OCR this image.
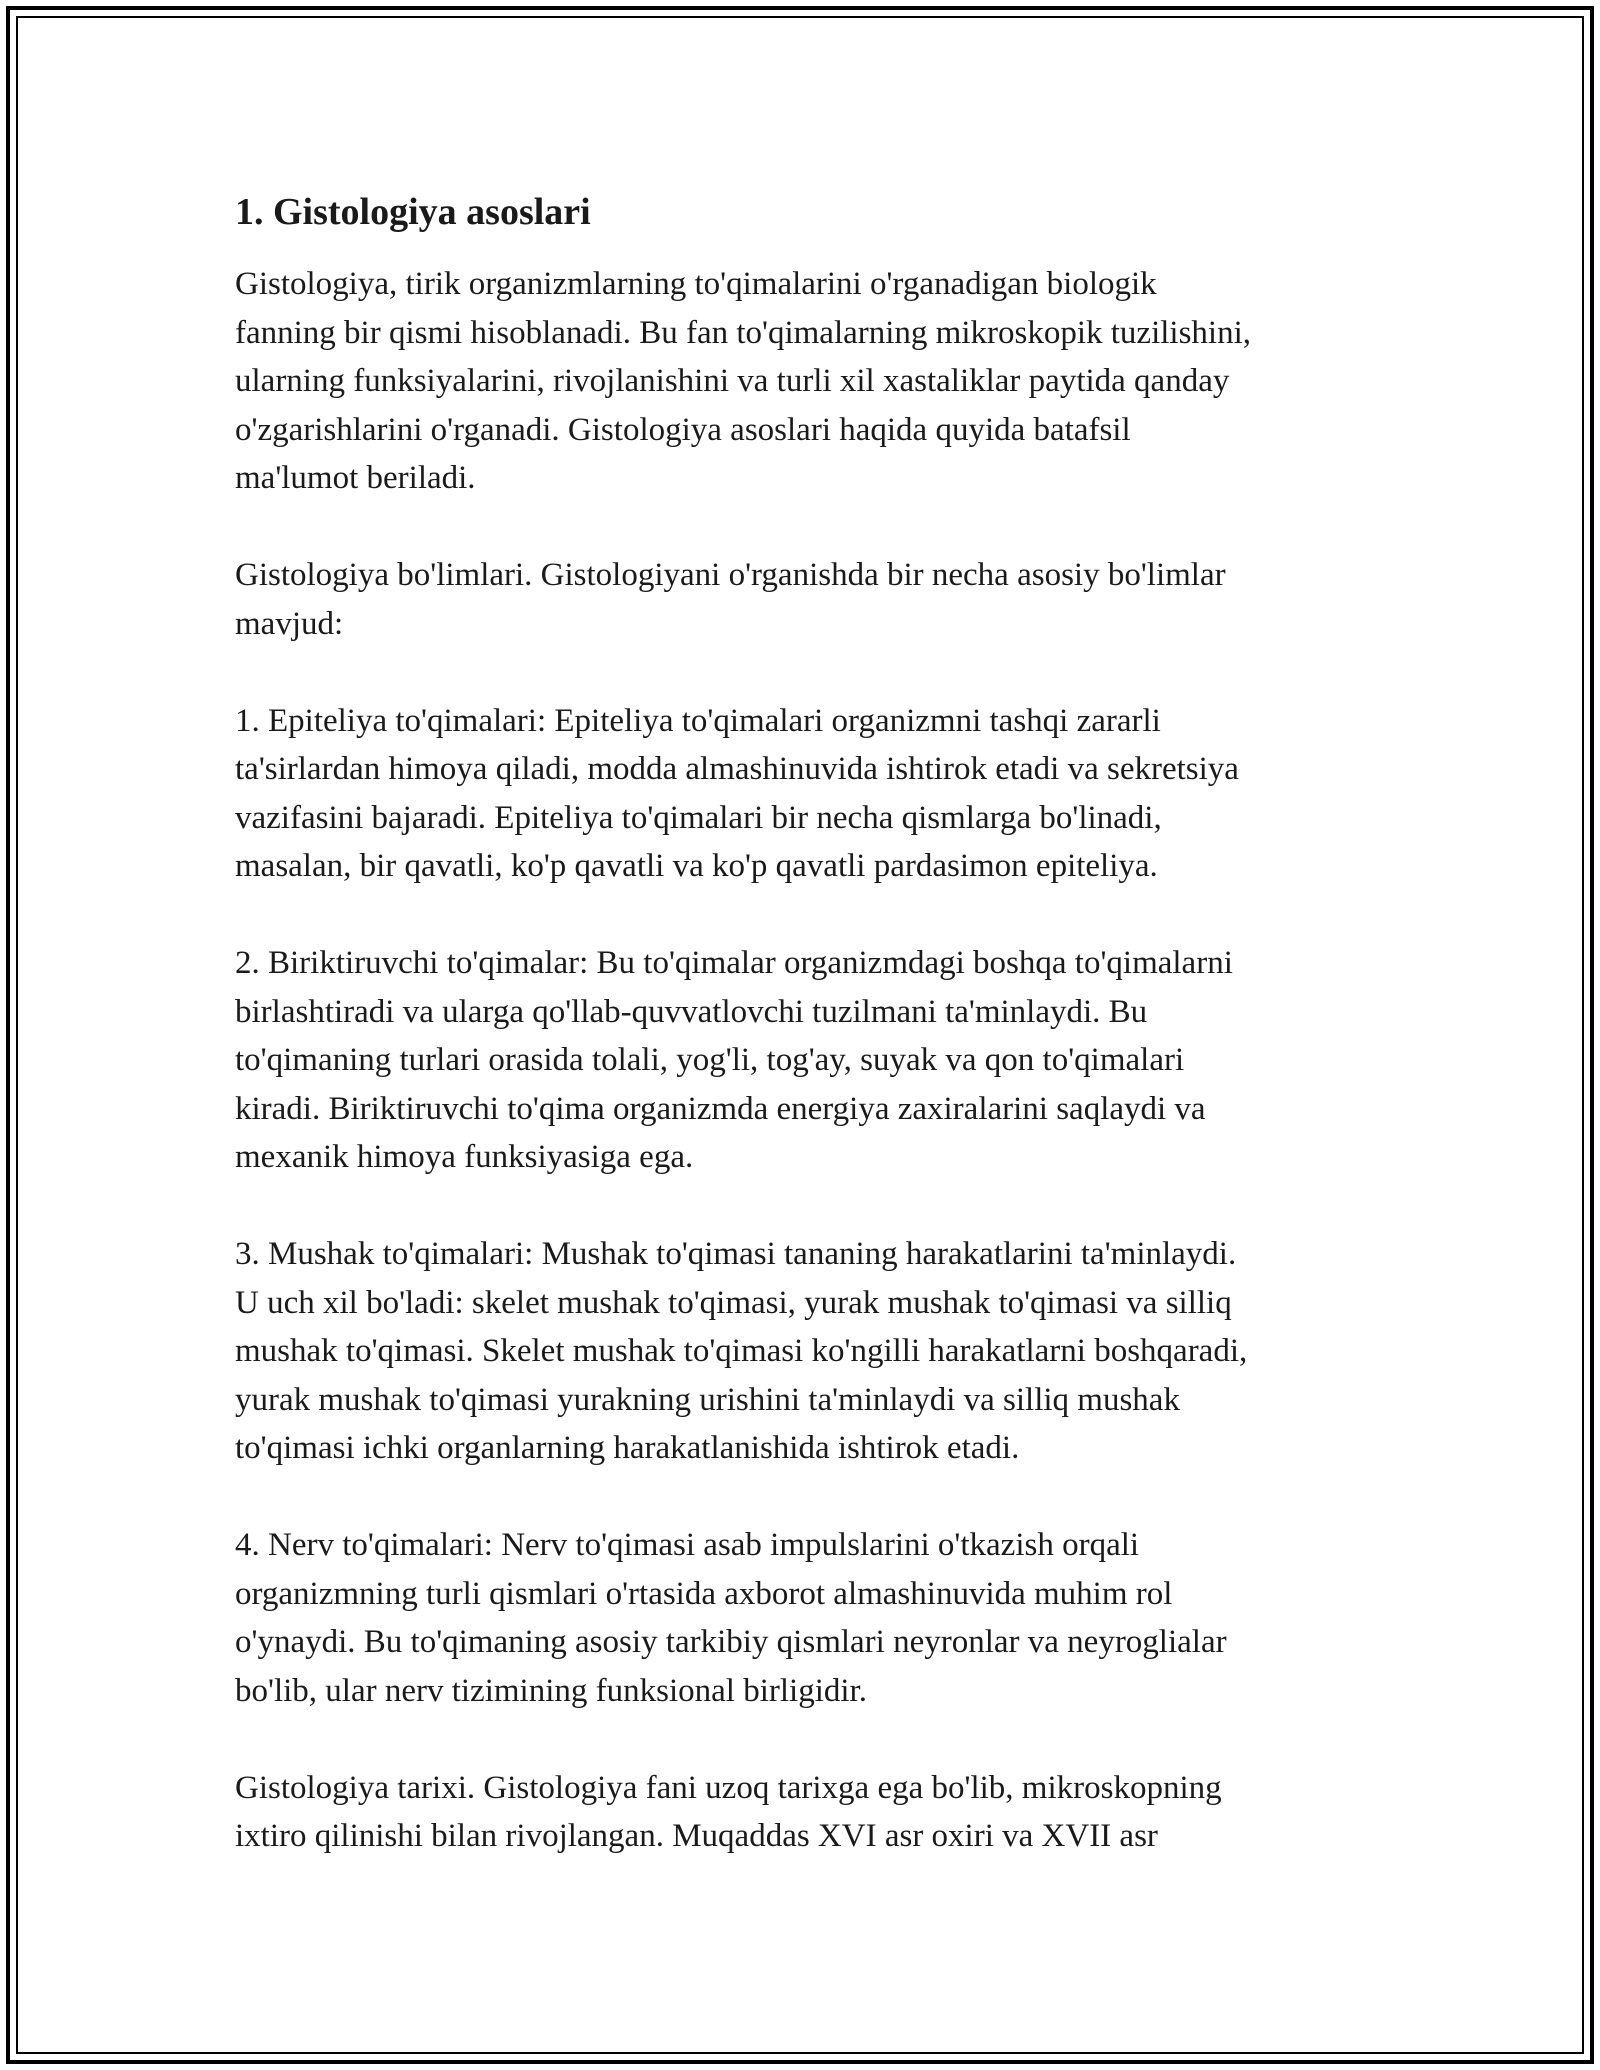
1. Gistologiya asoslari

Gistologiya, tirik organizmlarning to'qimalarini o'rganadigan biologik
fanning bir qismi hisoblanadi. Bu fan to'qimalarning mikroskopik tuzilishini,
ularning funksiyalarini, rivojlanishini va turli xil xastaliklar paytida qanday
o'zgarishlarini o'rganadi. Gistologiya asoslari haqida quyida batafsil
ma'lumot beriladi.

Gistologiya bo'limlari. Gistologiyani o'rganishda bir necha asosiy bo'limlar
mavjud:

1. Epiteliya to'qimalari: Epiteliya to'qimalari organizmni tashqi zararli
ta'sirlardan himoya qiladi, modda almashinuvida ishtirok etadi va sekretsiya
vazifasini bajaradi. Epiteliya to'qimalari bir necha qismlarga bo'linadi,
masalan, bir qavatli, ko'p qavatli va ko'p qavatli pardasimon epiteliya.

2. Biriktiruvchi to'qimalar: Bu to'qimalar organizmdagi boshqa to'qimalarni
birlashtiradi va ularga qo'llab-quvvatlovchi tuzilmani ta'minlaydi. Bu
to'qimaning turlari orasida tolali, yog'li, tog'ay, suyak va qon to'qimalari
kiradi. Biriktiruvchi to'qima organizmda energiya zaxiralarini saqlaydi va
mexanik himoya funksiyasiga ega.

3. Mushak to'qimalari: Mushak to'qimasi tananing harakatlarini ta'minlaydi.
U uch xil bo'ladi: skelet mushak to'qimasi, yurak mushak to'qimasi va silliq
mushak to'qimasi. Skelet mushak to'qimasi ko'ngilli harakatlarni boshqaradi,
yurak mushak to'qimasi yurakning urishini ta'minlaydi va silliq mushak
to'qimasi ichki organlarning harakatlanishida ishtirok etadi.

4. Nerv to'qimalari: Nerv to'qimasi asab impulslarini o'tkazish orqali
organizmning turli qismlari o'rtasida axborot almashinuvida muhim rol
o'ynaydi. Bu to'qimaning asosiy tarkibiy qismlari neyronlar va neyroglialar
bo'lib, ular nerv tizimining funksional birligidir.

Gistologiya tarixi. Gistologiya fani uzoq tarixga ega bo'lib, mikroskopning
ixtiro qilinishi bilan rivojlangan. Muqaddas XVI asr oxiri va XVII asr
